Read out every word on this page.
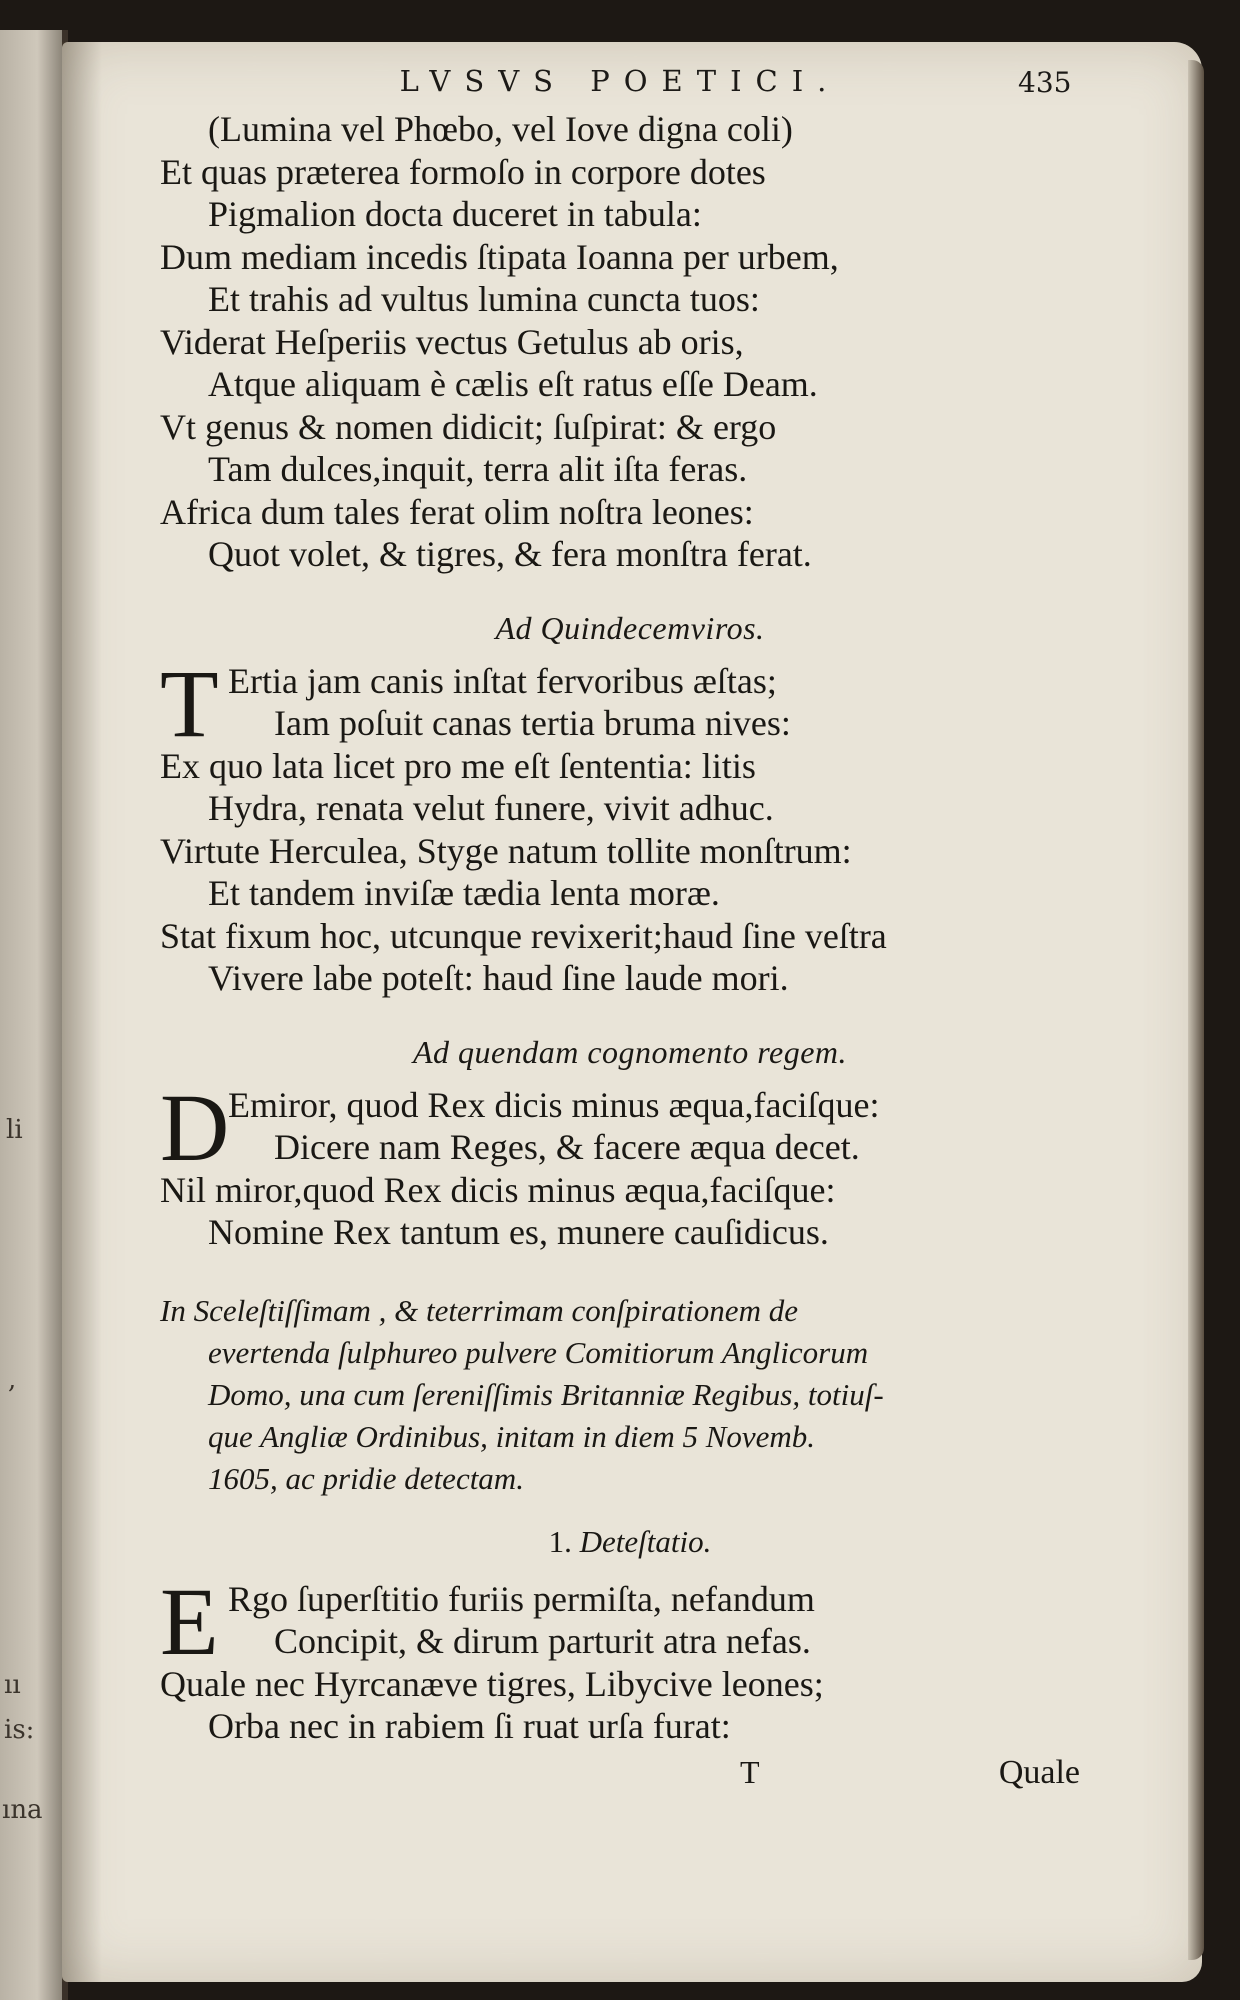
li
,
ıı
is:
ına
LVSVS POETICI.	435
(Lumina vel Phœbo, vel Iove digna coli)
Et quas præterea formoſo in corpore dotes
Pigmalion docta duceret in tabula:
Dum mediam incedis ſtipata Ioanna per urbem,
Et trahis ad vultus lumina cuncta tuos:
Viderat Heſperiis vectus Getulus ab oris,
Atque aliquam è cælis eſt ratus eſſe Deam.
Vt genus & nomen didicit; ſuſpirat: & ergo
Tam dulces,inquit, terra alit iſta feras.
Africa dum tales ferat olim noſtra leones:
Quot volet, & tigres, & fera monſtra ferat.
Ad Quindecemviros.
T Ertia jam canis inſtat fervoribus æſtas;
Iam poſuit canas tertia bruma nives:
Ex quo lata licet pro me eſt ſententia: litis
Hydra, renata velut funere, vivit adhuc.
Virtute Herculea, Styge natum tollite monſtrum:
Et tandem inviſæ tædia lenta moræ.
Stat fixum hoc, utcunque revixerit;haud ſine veſtra
Vivere labe poteſt: haud ſine laude mori.
Ad quendam cognomento regem.
D
Emiror, quod Rex dicis minus æqua,faciſque:
Dicere nam Reges, & facere æqua decet.
Nil miror,quod Rex dicis minus æqua,faciſque:
Nomine Rex tantum es, munere cauſidicus.
In Sceleſtiſſimam , & teterrimam conſpirationem de
evertenda ſulphureo pulvere Comitiorum Anglicorum
Domo, una cum ſereniſſimis Britanniæ Regibus, totiuſ-
que Angliæ Ordinibus, initam in diem 5 Novemb.
1605, ac pridie detectam.
1. Deteſtatio.
E Rgo ſuperſtitio furiis permiſta, nefandum
Concipit, & dirum parturit atra nefas.
Quale nec Hyrcanæve tigres, Libycive leones;
Orba nec in rabiem ſi ruat urſa furat:
T	Quale
